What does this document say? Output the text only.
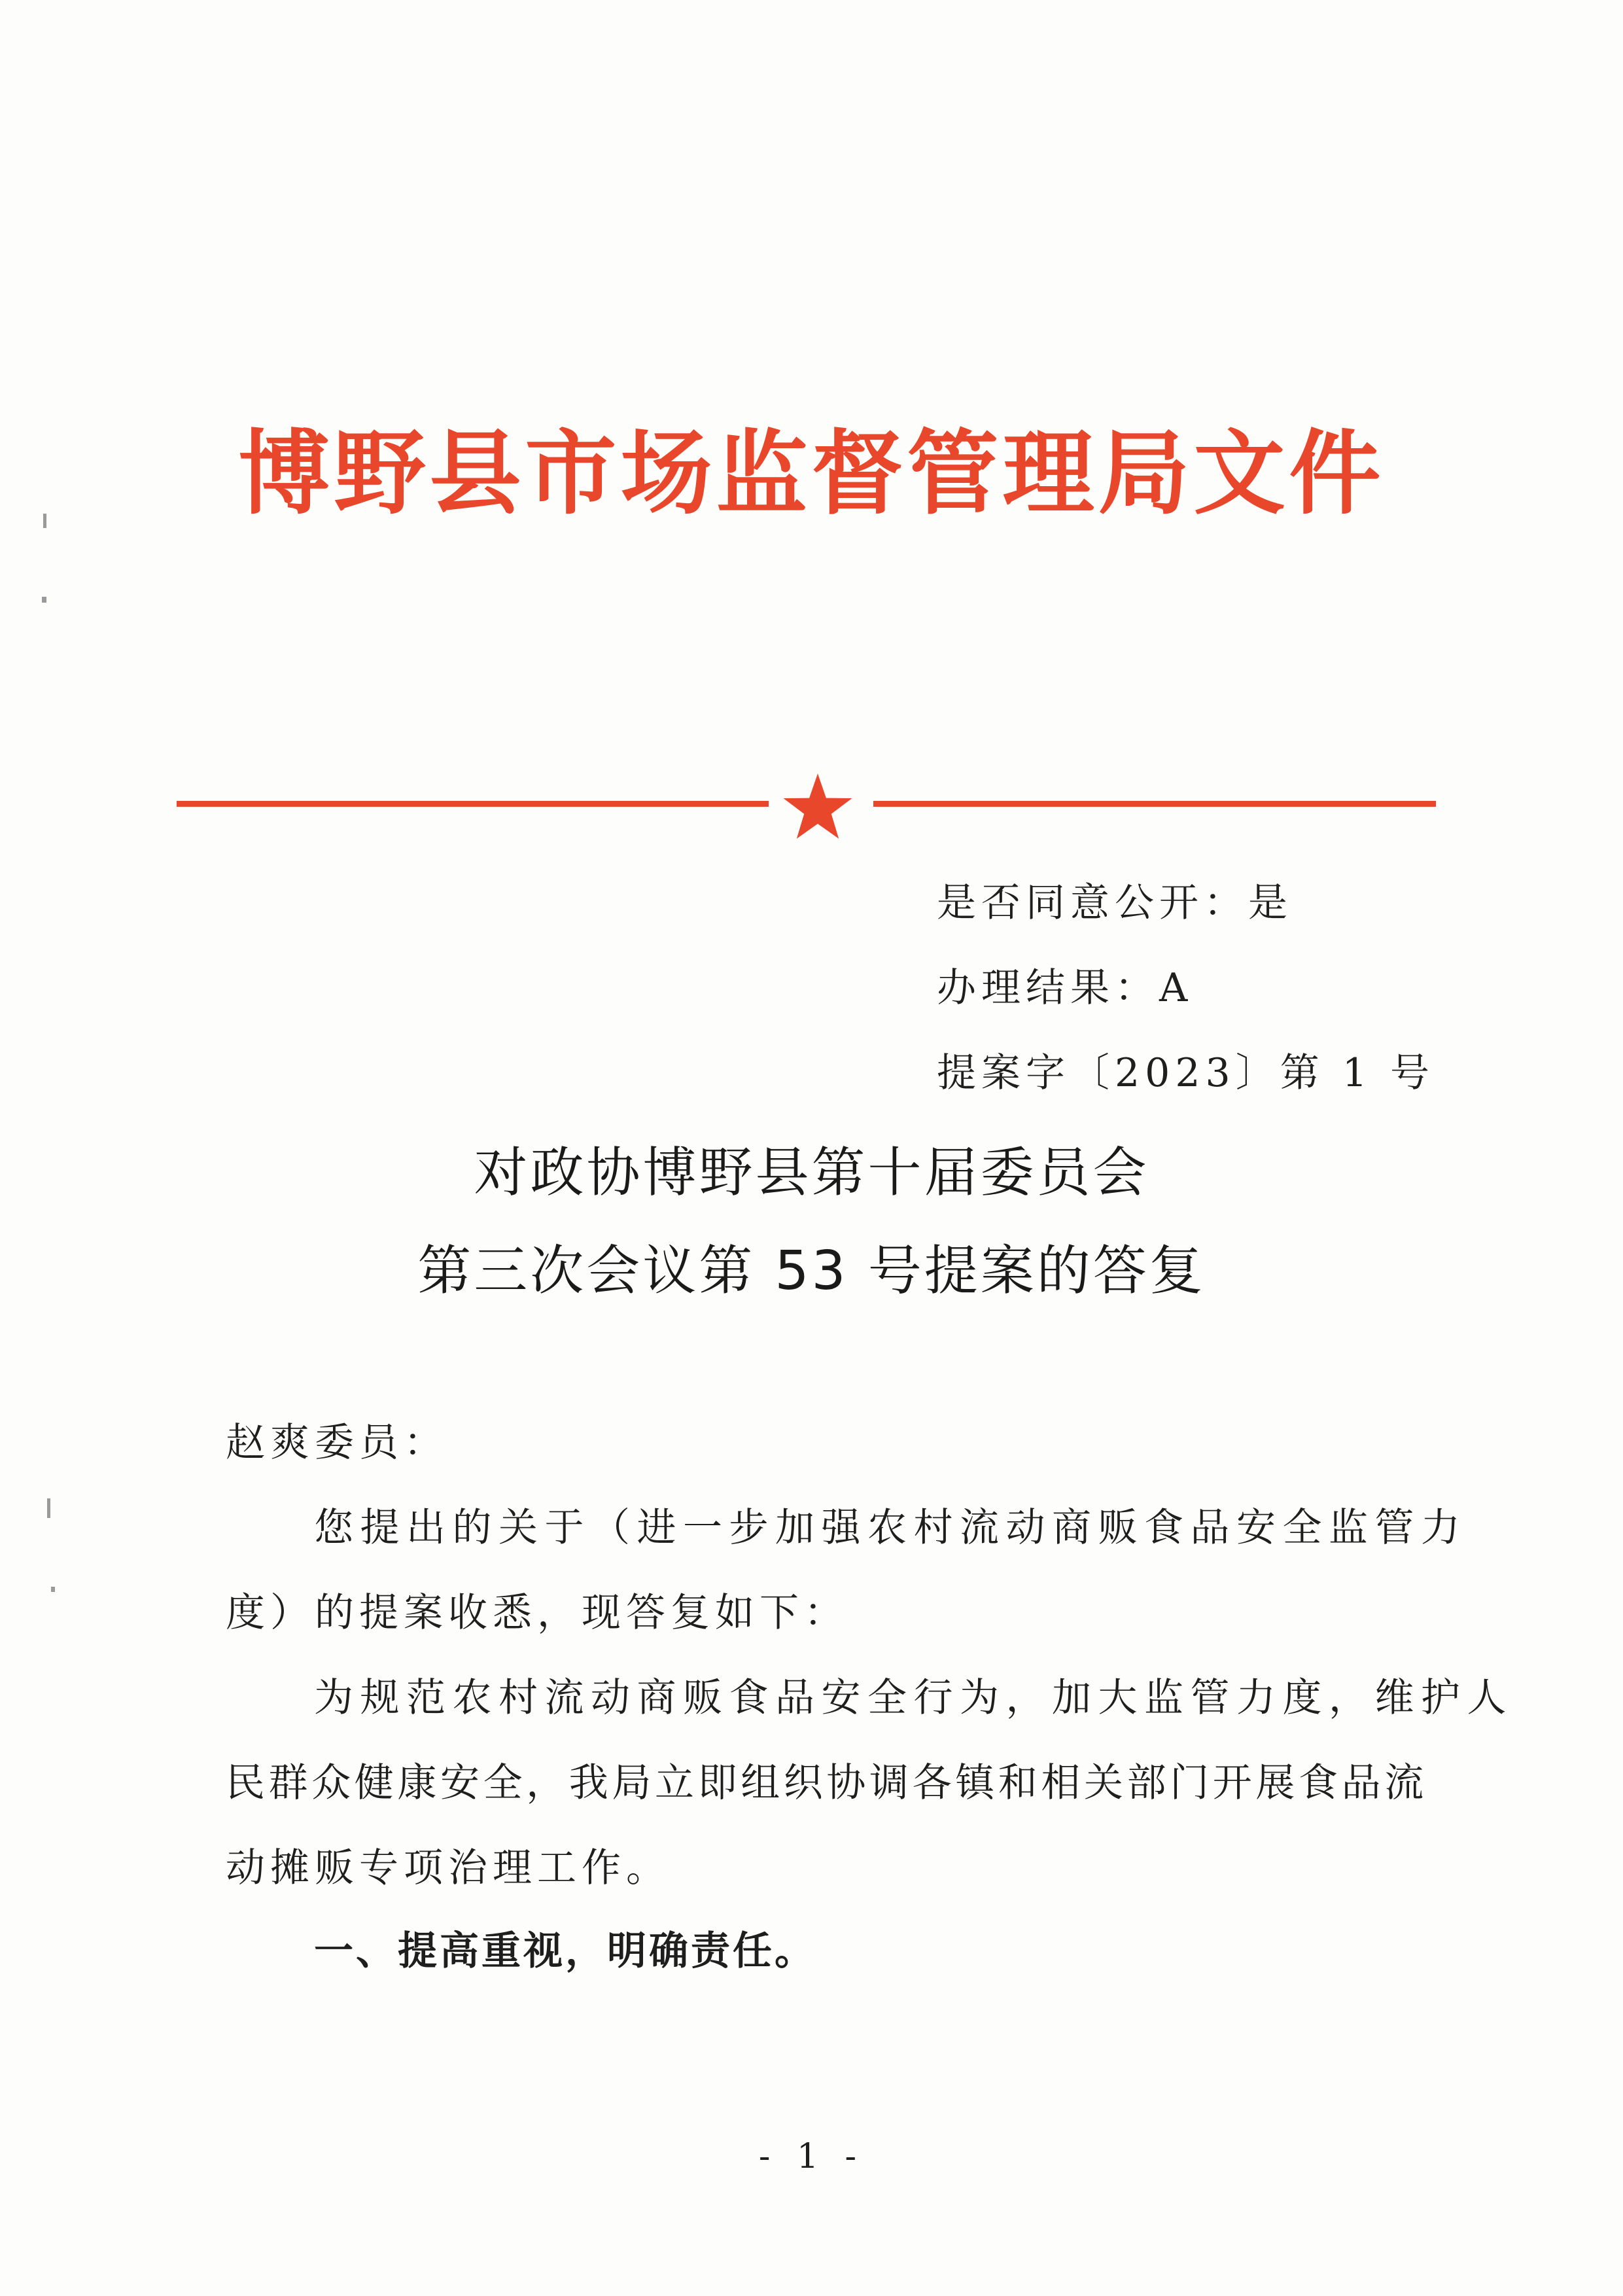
博野县市场监督管理局文件
是否同意公开：是
办理结果：A
提案字〔2023〕第 1 号
对政协博野县第十届委员会
第三次会议第 53 号提案的答复
赵爽委员：
您提出的关于（进一步加强农村流动商贩食品安全监管力
度）的提案收悉，现答复如下：
为规范农村流动商贩食品安全行为，加大监管力度，维护人
民群众健康安全，我局立即组织协调各镇和相关部门开展食品流
动摊贩专项治理工作。
一、提高重视，明确责任。
- 1 -
